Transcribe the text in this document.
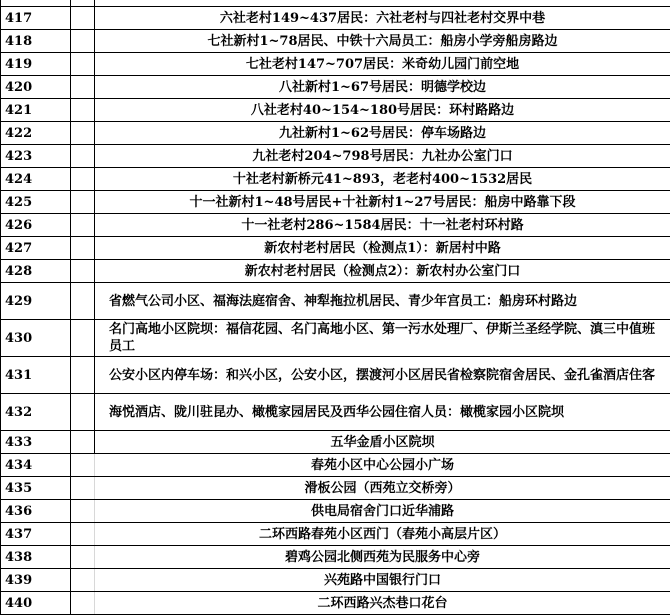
417		六社老村149~437居民：六社老村与四社老村交界中巷
418		七社新村1~78居民、中铁十六局员工：船房小学旁船房路边
419		七社老村147~707居民：米奇幼儿园门前空地
420		八社新村1~67号居民：明德学校边
421		八社老村40~154~180号居民：环村路路边
422		九社新村1~62号居民：停车场路边
423		九社老村204~798号居民：九社办公室门口
424		十社老村新桥元41~893，老老村400~1532居民
425		十一社新村1~48号居民+十社新村1~27号居民：船房中路靠下段
426		十一社老村286~1584居民：十一社老村环村路
427		新农村老村居民（检测点1）：新居村中路
428		新农村老村居民（检测点2）：新农村办公室门口
429		省燃气公司小区、福海法庭宿舍、神犁拖拉机居民、青少年宫员工：船房环村路边
430		名门高地小区院坝：福信花园、名门高地小区、第一污水处理厂、伊斯兰圣经学院、滇三中值班员工
431		公安小区内停车场：和兴小区，公安小区，摆渡河小区居民省检察院宿舍居民、金孔雀酒店住客
432		海悦酒店、陇川驻昆办、橄榄家园居民及西华公园住宿人员：橄榄家园小区院坝
433		五华金盾小区院坝
434		春苑小区中心公园小广场
435		滑板公园（西苑立交桥旁）
436		供电局宿舍门口近华浦路
437		二环西路春苑小区西门（春苑小高层片区）
438		碧鸡公园北侧西苑为民服务中心旁
439		兴苑路中国银行门口
440		二环西路兴杰巷口花台
